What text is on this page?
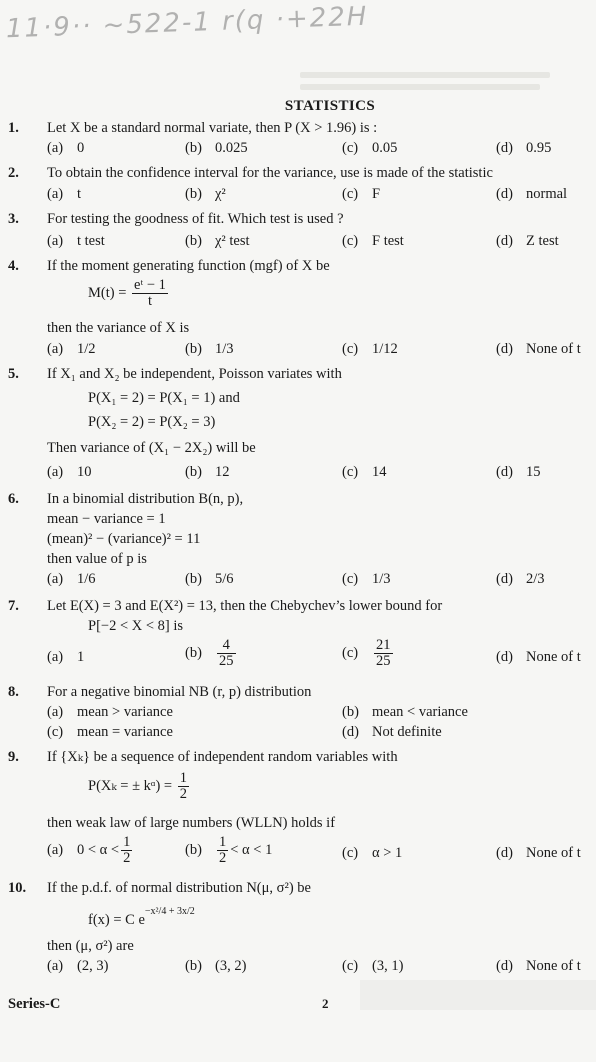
11·9·· ~522-1 r(q ·+22H
STATISTICS
1. Let X be a standard normal variate, then P (X > 1.96) is :
(a) 0	(b) 0.025	(c) 0.05	(d) 0.95
2. To obtain the confidence interval for the variance, use is made of the statistic
(a) t	(b) χ²	(c) F	(d) normal
3. For testing the goodness of fit. Which test is used ?
(a) t test	(b) χ² test	(c) F test	(d) Z test
4. If the moment generating function (mgf) of X be
$M(t) = \frac{\text{eᵗ − 1}}{t}$
then the variance of X is
(a) 1/2	(b) 1/3	(c) 1/12	(d) None of t
5. If X₁ and X₂ be independent, Poisson variates with
P(X₁ = 2) = P(X₁ = 1) and
P(X₂ = 2) = P(X₂ = 3)
Then variance of (X₁ − 2X₂) will be
(a) 10	(b) 12	(c) 14	(d) 15
6. In a binomial distribution B(n, p),
mean − variance = 1
(mean)² − (variance)² = 11
then value of p is
(a) 1/6	(b) 5/6	(c) 1/3	(d) 2/3
7. Let E(X) = 3 and E(X²) = 13, then the Chebychev’s lower bound for
P[−2 < X < 8] is
(a) 1	$(b) \frac{4}{25}$	$(c) \frac{21}{25}$	(d) None of t
8. For a negative binomial NB (r, p) distribution
(a) mean > variance	(b) mean < variance
(c) mean = variance	(d) Not definite
9. If {Xₖ} be a sequence of independent random variables with
P(Xₖ = ± kᵅ) = $\frac{1}{2}$
then weak law of large numbers (WLLN) holds if
(a) $0 < \alpha < \frac{1}{2}$	$(b) \frac{1}{2} < \alpha < 1$	(c) α > 1	(d) None of t
10. If the p.d.f. of normal distribution N(μ, σ²) be
f(x) = C $e^{-x^2/4 + 3x/2}$
then (μ, σ²) are
(a) (2, 3)	(b) (3, 2)	(c) (3, 1)	(d) None of t
Series-C	2
